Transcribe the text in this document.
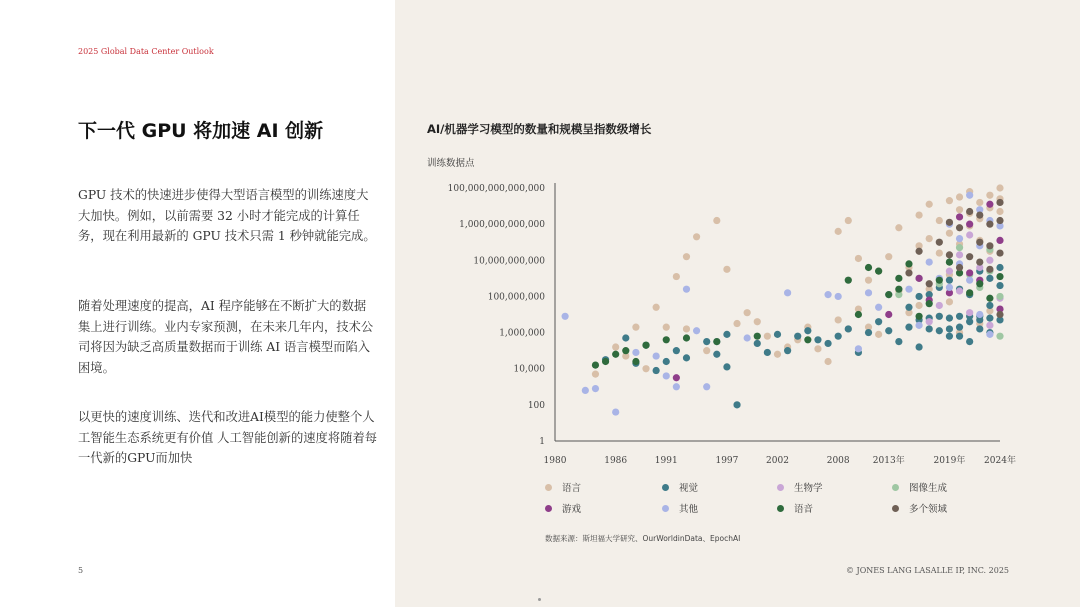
2025 Global Data Center Outlook
下一代 GPU 将加速 AI 创新
GPU 技术的快速进步使得大型语言模型的训练速度大大加快。例如，以前需要 32 小时才能完成的计算任务，现在利用最新的 GPU 技术只需 1 秒钟就能完成。
随着处理速度的提高，AI 程序能够在不断扩大的数据集上进行训练。业内专家预测，在未来几年内，技术公司将因为缺乏高质量数据而于训练 AI 语言模型而陷入困境。
以更快的速度训练、迭代和改进AI模型的能力使整个人工智能生态系统更有价值 人工智能创新的速度将随着每一代新的GPU而加快
5
AI/机器学习模型的数量和规模呈指数级增长
训练数据点
1
100
10,000
1,000,000
100,000,000
10,000,000,000
1,000,000,000,000
100,000,000,000,000
1980	1986	1991	1997	2002	2008	2013年	2019年 2024年
语言	视觉	生物学	图像生成
游戏	其他	语音	多个领域
数据来源：斯坦福大学研究、OurWorldinData、EpochAI
© JONES LANG LASALLE IP, INC. 2025
